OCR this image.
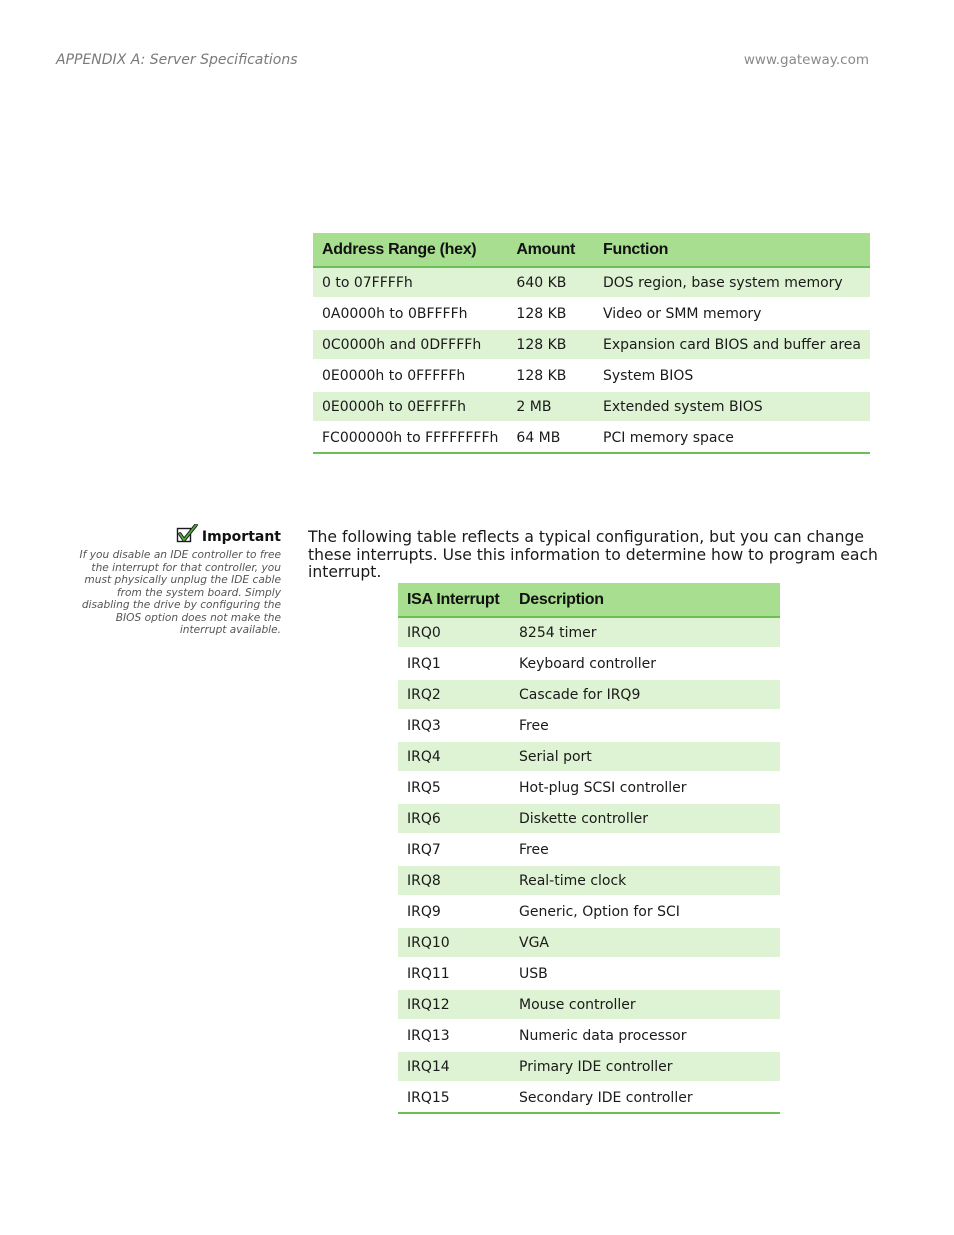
APPENDIX A: Server Specifications	www.gateway.com
Address Range (hex)	Amount	Function
0 to 07FFFFh	640 KB	DOS region, base system memory
0A0000h to 0BFFFFh	128 KB	Video or SMM memory
0C0000h and 0DFFFFh	128 KB	Expansion card BIOS and buffer area
0E0000h to 0FFFFFh	128 KB	System BIOS
0E0000h to 0EFFFFh	2 MB	Extended system BIOS
FC000000h to FFFFFFFFh	64 MB	PCI memory space
Important
If you disable an IDE controller to free the interrupt for that controller, you must physically unplug the IDE cable from the system board. Simply disabling the drive by configuring the BIOS option does not make the interrupt available.
The following table reflects a typical configuration, but you can change these interrupts. Use this information to determine how to program each interrupt.
ISA Interrupt	Description
IRQ0	8254 timer
IRQ1	Keyboard controller
IRQ2	Cascade for IRQ9
IRQ3	Free
IRQ4	Serial port
IRQ5	Hot-plug SCSI controller
IRQ6	Diskette controller
IRQ7	Free
IRQ8	Real-time clock
IRQ9	Generic, Option for SCI
IRQ10	VGA
IRQ11	USB
IRQ12	Mouse controller
IRQ13	Numeric data processor
IRQ14	Primary IDE controller
IRQ15	Secondary IDE controller
